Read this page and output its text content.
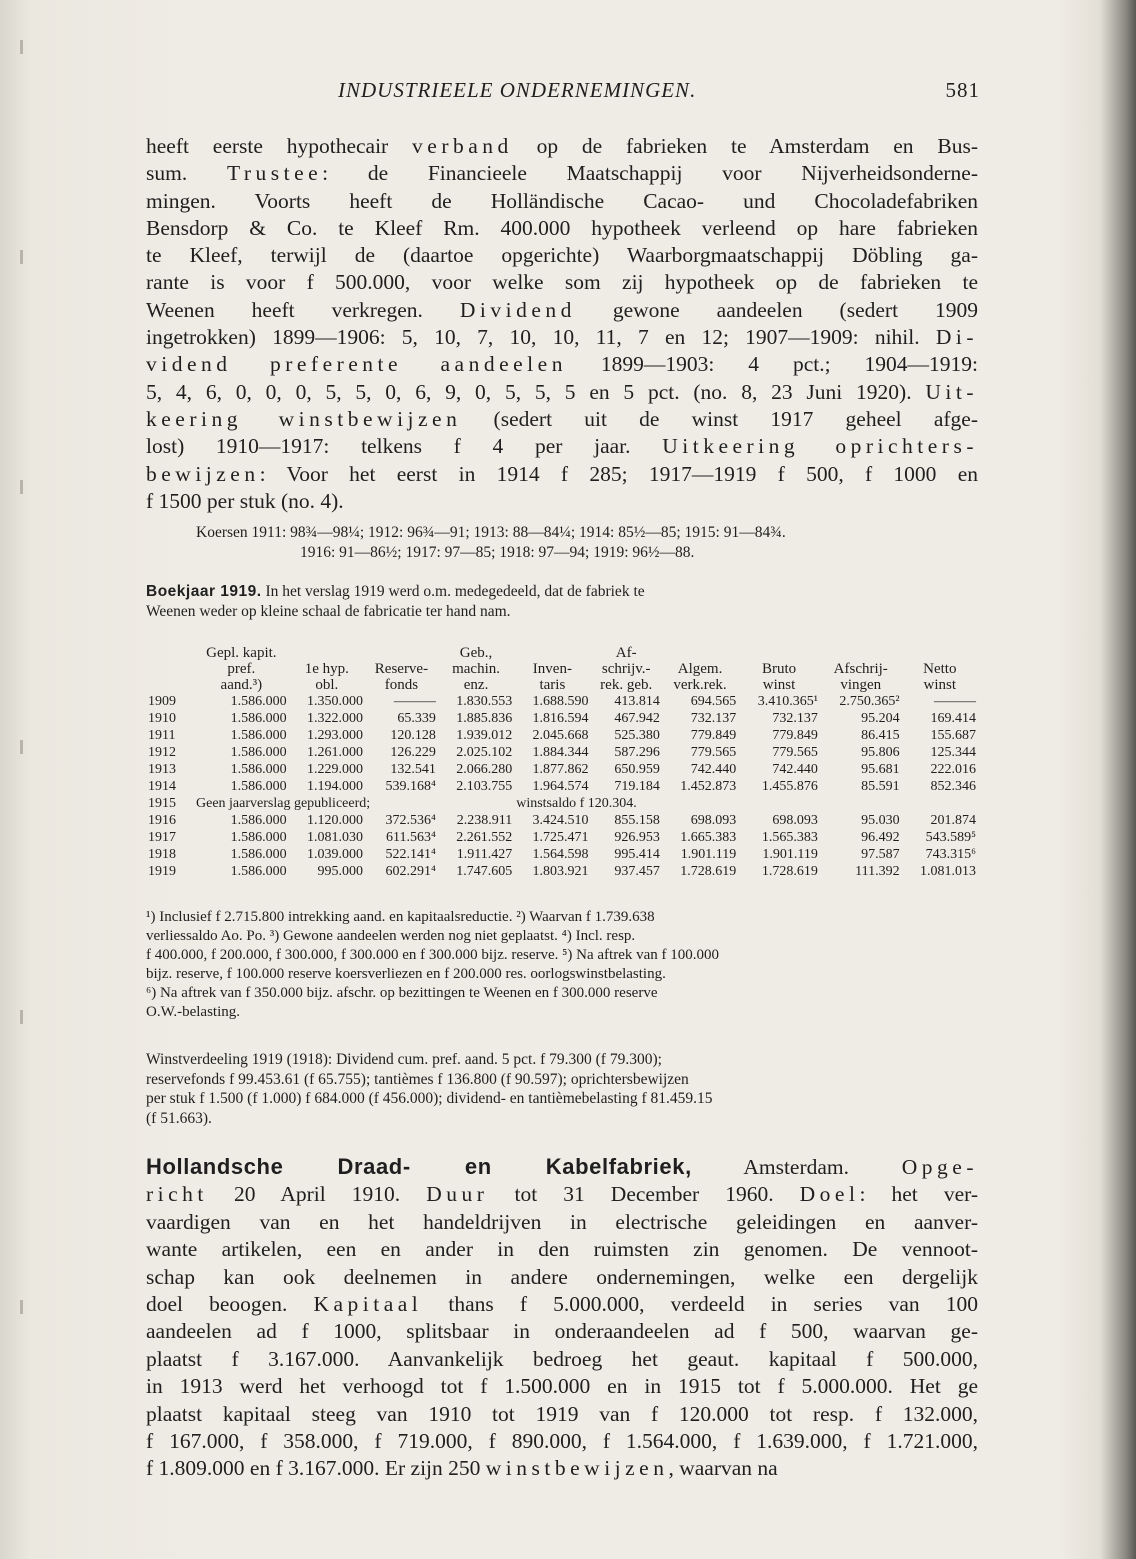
INDUSTRIEELE ONDERNEMINGEN.	581

heeft eerste hypothecair verband op de fabrieken te Amsterdam en Bus-
sum. Trustee: de Financieele Maatschappij voor Nijverheidsonderne-
mingen. Voorts heeft de Holländische Cacao- und Chocoladefabriken
Bensdorp & Co. te Kleef Rm. 400.000 hypotheek verleend op hare fabrieken
te Kleef, terwijl de (daartoe opgerichte) Waarborgmaatschappij Döbling ga-
rante is voor f 500.000, voor welke som zij hypotheek op de fabrieken te
Weenen heeft verkregen. Dividend gewone aandeelen (sedert 1909
ingetrokken) 1899—1906: 5, 10, 7, 10, 10, 11, 7 en 12; 1907—1909: nihil. Di-
vidend preferente aandeelen 1899—1903: 4 pct.; 1904—1919:
5, 4, 6, 0, 0, 0, 5, 5, 0, 6, 9, 0, 5, 5, 5 en 5 pct. (no. 8, 23 Juni 1920). Uit-
keering winstbewijzen (sedert uit de winst 1917 geheel afge-
lost) 1910—1917: telkens f 4 per jaar. Uitkeering oprichters-
bewijzen: Voor het eerst in 1914 f 285; 1917—1919 f 500, f 1000 en
f 1500 per stuk (no. 4).

Koersen 1911: 98¾—98¼; 1912: 96¾—91; 1913: 88—84¼; 1914: 85½—85; 1915: 91—84¾.
1916: 91—86½; 1917: 97—85; 1918: 97—94; 1919: 96½—88.
Boekjaar 1919. In het verslag 1919 werd o.m. medegedeeld, dat de fabriek te
Weenen weder op kleine schaal de fabricatie ter hand nam.
	Gepl. kapit.			Geb.,		Af-				
	pref.	1e hyp.	Reserve-	machin.	Inven-	schrijv.-	Algem.	Bruto	Afschrij-	Netto
	aand.³)	obl.	fonds	enz.	taris	rek. geb.	verk.rek.	winst	vingen	winst
1909	1.586.000	1.350.000	———	1.830.553	1.688.590	413.814	694.565	3.410.365¹	2.750.365²	———
1910	1.586.000	1.322.000	65.339	1.885.836	1.816.594	467.942	732.137	732.137	95.204	169.414
1911	1.586.000	1.293.000	120.128	1.939.012	2.045.668	525.380	779.849	779.849	86.415	155.687
1912	1.586.000	1.261.000	126.229	2.025.102	1.884.344	587.296	779.565	779.565	95.806	125.344
1913	1.586.000	1.229.000	132.541	2.066.280	1.877.862	650.959	742.440	742.440	95.681	222.016
1914	1.586.000	1.194.000	539.168⁴	2.103.755	1.964.574	719.184	1.452.873	1.455.876	85.591	852.346
1915	Geen jaarverslag gepubliceerd;				winstsaldo f 120.304.					
1916	1.586.000	1.120.000	372.536⁴	2.238.911	3.424.510	855.158	698.093	698.093	95.030	201.874
1917	1.586.000	1.081.030	611.563⁴	2.261.552	1.725.471	926.953	1.665.383	1.565.383	96.492	543.589⁵
1918	1.586.000	1.039.000	522.141⁴	1.911.427	1.564.598	995.414	1.901.119	1.901.119	97.587	743.315⁶
1919	1.586.000	995.000	602.291⁴	1.747.605	1.803.921	937.457	1.728.619	1.728.619	111.392	1.081.013
¹) Inclusief f 2.715.800 intrekking aand. en kapitaalsreductie. ²) Waarvan f 1.739.638
verliessaldo Ao. Po. ³) Gewone aandeelen werden nog niet geplaatst. ⁴) Incl. resp.
f 400.000, f 200.000, f 300.000, f 300.000 en f 300.000 bijz. reserve. ⁵) Na aftrek van f 100.000
bijz. reserve, f 100.000 reserve koersverliezen en f 200.000 res. oorlogswinstbelasting.
⁶) Na aftrek van f 350.000 bijz. afschr. op bezittingen te Weenen en f 300.000 reserve
O.W.-belasting.
Winstverdeeling 1919 (1918): Dividend cum. pref. aand. 5 pct. f 79.300 (f 79.300);
reservefonds f 99.453.61 (f 65.755); tantièmes f 136.800 (f 90.597); oprichtersbewijzen
per stuk f 1.500 (f 1.000) f 684.000 (f 456.000); dividend- en tantièmebelasting f 81.459.15
(f 51.663).

Hollandsche Draad- en Kabelfabriek, Amsterdam. Opge-
richt 20 April 1910. Duur tot 31 December 1960. Doel: het ver-
vaardigen van en het handeldrijven in electrische geleidingen en aanver-
wante artikelen, een en ander in den ruimsten zin genomen. De vennoot-
schap kan ook deelnemen in andere ondernemingen, welke een dergelijk
doel beoogen. Kapitaal thans f 5.000.000, verdeeld in series van 100
aandeelen ad f 1000, splitsbaar in onderaandeelen ad f 500, waarvan ge-
plaatst f 3.167.000. Aanvankelijk bedroeg het geaut. kapitaal f 500.000,
in 1913 werd het verhoogd tot f 1.500.000 en in 1915 tot f 5.000.000. Het ge
plaatst kapitaal steeg van 1910 tot 1919 van f 120.000 tot resp. f 132.000,
f 167.000, f 358.000, f 719.000, f 890.000, f 1.564.000, f 1.639.000, f 1.721.000,
f 1.809.000 en f 3.167.000. Er zijn 250 winstbewijzen, waarvan na
